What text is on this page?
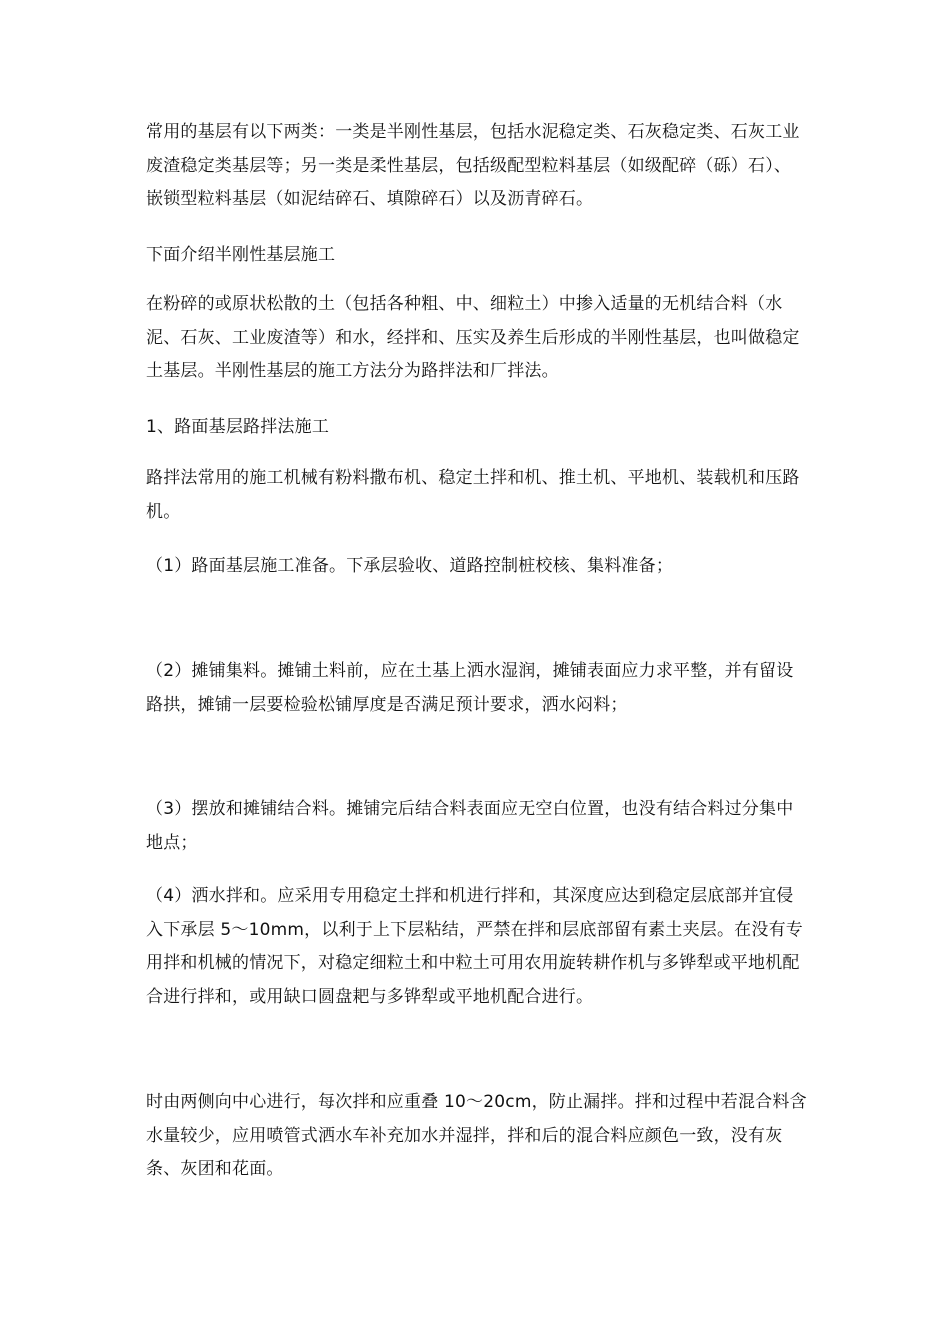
常用的基层有以下两类：一类是半刚性基层，包括水泥稳定类、石灰稳定类、石灰工业废渣稳定类基层等；另一类是柔性基层，包括级配型粒料基层（如级配碎（砾）石）、嵌锁型粒料基层（如泥结碎石、填隙碎石）以及沥青碎石。

下面介绍半刚性基层施工

在粉碎的或原状松散的土（包括各种粗、中、细粒土）中掺入适量的无机结合料（水泥、石灰、工业废渣等）和水，经拌和、压实及养生后形成的半刚性基层，也叫做稳定土基层。半刚性基层的施工方法分为路拌法和厂拌法。

1、路面基层路拌法施工

路拌法常用的施工机械有粉料撒布机、稳定土拌和机、推土机、平地机、装载机和压路机。

（1）路面基层施工准备。下承层验收、道路控制桩校核、集料准备；

（2）摊铺集料。摊铺土料前，应在土基上洒水湿润，摊铺表面应力求平整，并有留设路拱，摊铺一层要检验松铺厚度是否满足预计要求，洒水闷料；

（3）摆放和摊铺结合料。摊铺完后结合料表面应无空白位置，也没有结合料过分集中地点；

（4）洒水拌和。应采用专用稳定土拌和机进行拌和，其深度应达到稳定层底部并宜侵入下承层 5～10mm，以利于上下层粘结，严禁在拌和层底部留有素土夹层。在没有专用拌和机械的情况下，对稳定细粒土和中粒土可用农用旋转耕作机与多铧犁或平地机配合进行拌和，或用缺口圆盘耙与多铧犁或平地机配合进行。

时由两侧向中心进行，每次拌和应重叠 10～20cm，防止漏拌。拌和过程中若混合料含水量较少，应用喷管式洒水车补充加水并湿拌，拌和后的混合料应颜色一致，没有灰条、灰团和花面。
